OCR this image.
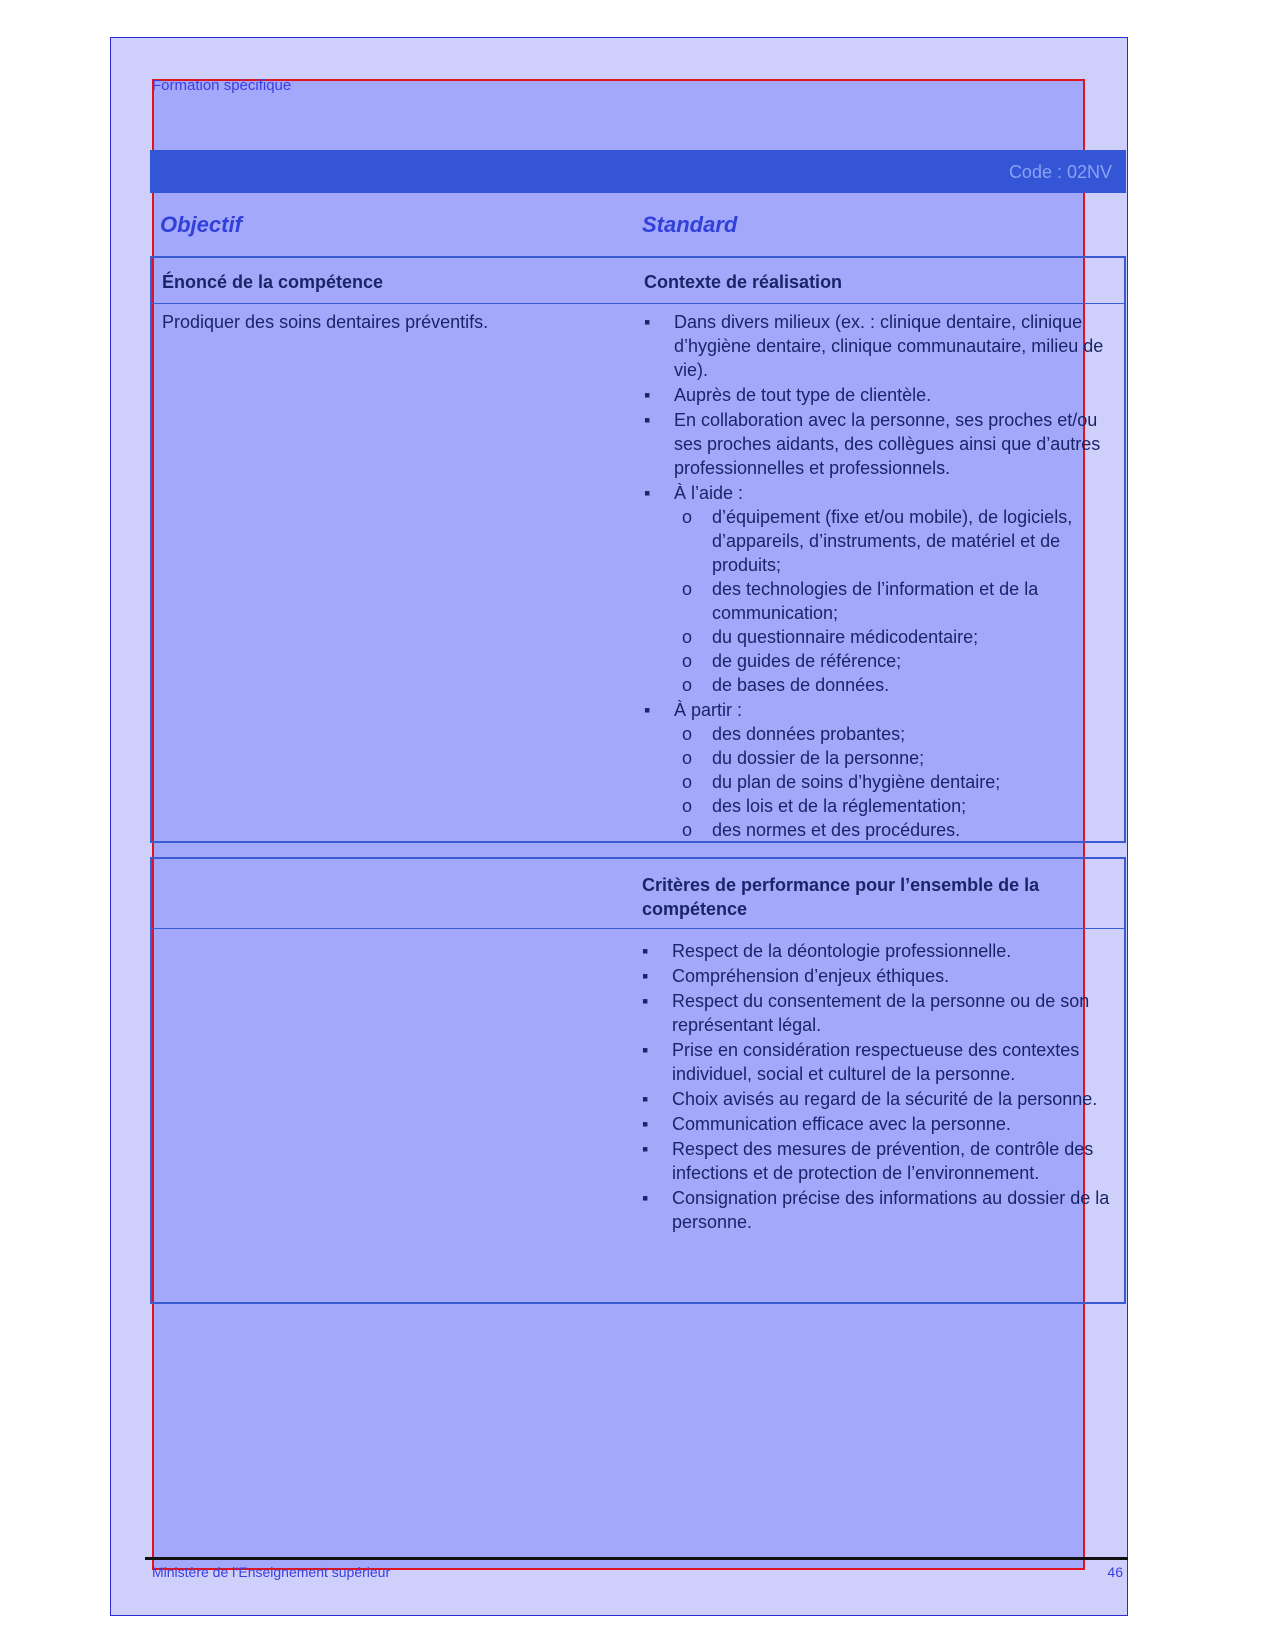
Formation spécifique
Code : 02NV
Objectif	Standard
Énoncé de la compétence	Contexte de réalisation
Prodiquer des soins dentaires préventifs.	▪	Dans divers milieux (ex. : clinique dentaire, clinique d’hygiène dentaire, clinique communautaire, milieu de vie).
▪	Auprès de tout type de clientèle.
▪	En collaboration avec la personne, ses proches et/ou ses proches aidants, des collègues ainsi que d’autres professionnelles et professionnels.
▪	À l’aide :
o d’équipement (fixe et/ou mobile), de logiciels, d’appareils, d’instruments, de matériel et de produits;
o des technologies de l’information et de la communication;
o du questionnaire médicodentaire;
o de guides de référence;
o de bases de données.
▪	À partir :
o des données probantes;
o du dossier de la personne;
o du plan de soins d’hygiène dentaire;
o des lois et de la réglementation;
o des normes et des procédures.
Critères de performance pour l’ensemble de la compétence
▪	Respect de la déontologie professionnelle.
▪	Compréhension d’enjeux éthiques.
▪	Respect du consentement de la personne ou de son représentant légal.
▪	Prise en considération respectueuse des contextes individuel, social et culturel de la personne.
▪	Choix avisés au regard de la sécurité de la personne.
▪	Communication efficace avec la personne.
▪	Respect des mesures de prévention, de contrôle des infections et de protection de l’environnement.
▪	Consignation précise des informations au dossier de la personne.
Ministère de l’Enseignement supérieur	46
